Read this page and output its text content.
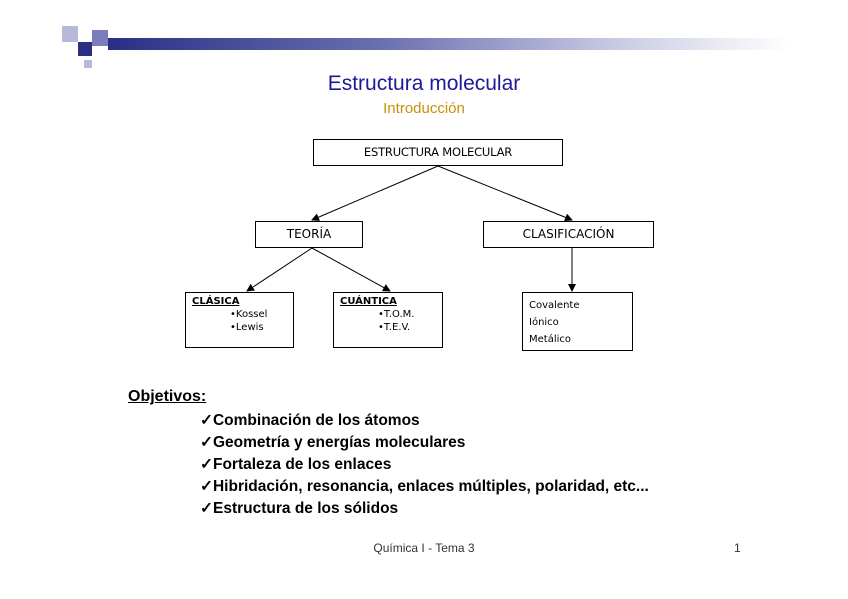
Estructura molecular
Introducción
ESTRUCTURA MOLECULAR
TEORÍA	CLASIFICACIÓN
CLÁSICA
•Kossel
•Lewis
CUÁNTICA
•T.O.M.
•T.E.V.
Covalente
Iónico
Metálico
Objetivos:
✓Combinación de los átomos
✓Geometría y energías moleculares
✓Fortaleza de los enlaces
✓Hibridación, resonancia, enlaces múltiples, polaridad, etc...
✓Estructura de los sólidos
Química I - Tema 3	1
